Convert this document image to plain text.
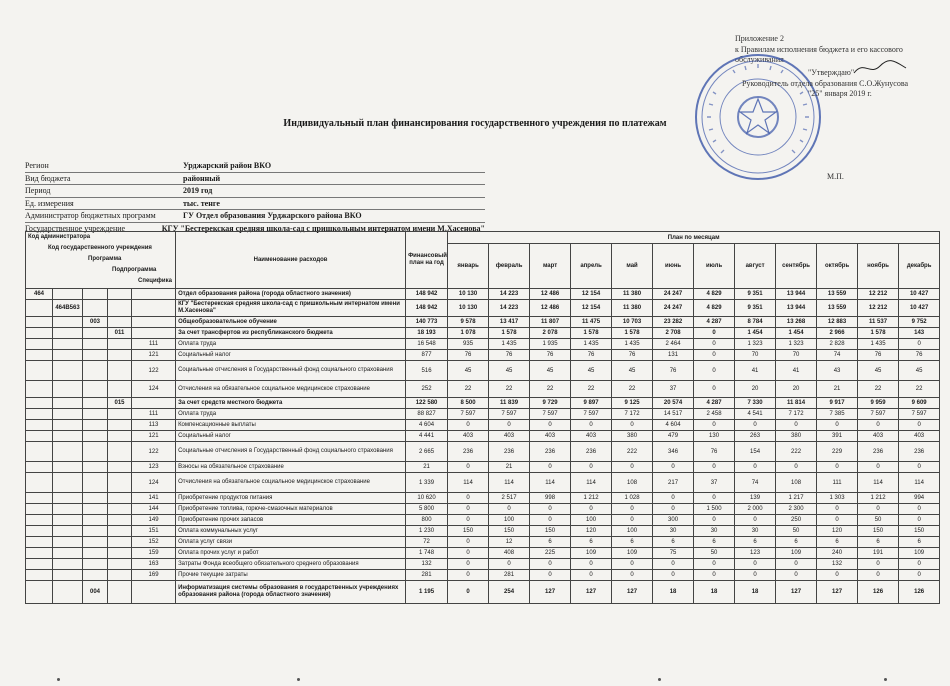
Приложение 2
к Правилам исполнения бюджета и его кассового
обслуживания
"Утверждаю"
Руководитель отдела образования С.О.Жунусова
"25" января 2019 г.
М.П.
Индивидуальный план финансирования государственного учреждения по платежам
Регион	Урджарский район ВКО
Вид бюджета	районный
Период	2019 год
Ед. измерения	тыс. тенге
Администратор бюджетных программ	ГУ Отдел образования Урджарского района ВКО
Государственное учреждение	КГУ "Бестерекская средняя школа-сад с пришкольным интернатом имени М.Хасенова"
Код администратора
Код государственного учреждения
Программа
Подпрограмма
Специфика					Наименование расходов	Финансовый план на год	План по месяцам											
							январь	февраль	март	апрель	май	июнь	июль	август	сентябрь	октябрь	ноябрь	декабрь
464					Отдел образования района (города областного значения)	148 942	10 130	14 223	12 486	12 154	11 380	24 247	4 829	9 351	13 944	13 559	12 212	10 427
	464B563				КГУ "Бестерекская средняя школа-сад с пришкольным интернатом имени М.Хасенова"	148 942	10 130	14 223	12 486	12 154	11 380	24 247	4 829	9 351	13 944	13 559	12 212	10 427
		003			Общеобразовательное обучение	140 773	9 578	13 417	11 807	11 475	10 703	23 282	4 287	8 784	13 268	12 883	11 537	9 752
			011		За счет трансфертов из республиканского бюджета	18 193	1 078	1 578	2 078	1 578	1 578	2 708	0	1 454	1 454	2 966	1 578	143
				111	Оплата труда	16 548	935	1 435	1 935	1 435	1 435	2 464	0	1 323	1 323	2 828	1 435	0
				121	Социальный налог	877	76	76	76	76	76	131	0	70	70	74	76	76
				122	Социальные отчисления в Государственный фонд социального страхования	516	45	45	45	45	45	76	0	41	41	43	45	45
				124	Отчисления на обязательное социальное медицинское страхование	252	22	22	22	22	22	37	0	20	20	21	22	22
			015		За счет средств местного бюджета	122 580	8 500	11 839	9 729	9 897	9 125	20 574	4 287	7 330	11 814	9 917	9 959	9 609
				111	Оплата труда	88 827	7 597	7 597	7 597	7 597	7 172	14 517	2 458	4 541	7 172	7 385	7 597	7 597
				113	Компенсационные выплаты	4 604	0	0	0	0	0	4 604	0	0	0	0	0	0
				121	Социальный налог	4 441	403	403	403	403	380	479	130	263	380	391	403	403
				122	Социальные отчисления в Государственный фонд социального страхования	2 665	236	236	236	236	222	346	76	154	222	229	236	236
				123	Взносы на обязательное страхование	21	0	21	0	0	0	0	0	0	0	0	0	0
				124	Отчисления на обязательное социальное медицинское страхование	1 339	114	114	114	114	108	217	37	74	108	111	114	114
				141	Приобретение продуктов питания	10 620	0	2 517	998	1 212	1 028	0	0	139	1 217	1 303	1 212	994
				144	Приобретение топлива, горюче-смазочных материалов	5 800	0	0	0	0	0	0	1 500	2 000	2 300	0	0	0
				149	Приобретение прочих запасов	800	0	100	0	100	0	300	0	0	250	0	50	0
				151	Оплата коммунальных услуг	1 230	150	150	150	120	100	30	30	30	50	120	150	150
				152	Оплата услуг связи	72	0	12	6	6	6	6	6	6	6	6	6	6
				159	Оплата прочих услуг и работ	1 748	0	408	225	109	109	75	50	123	109	240	191	109
				163	Затраты Фонда всеобщего обязательного среднего образования	132	0	0	0	0	0	0	0	0	0	132	0	0
				169	Прочие текущие затраты	281	0	281	0	0	0	0	0	0	0	0	0	0
		004			Информатизация системы образования в государственных учреждениях образования района (города областного значения)	1 195	0	254	127	127	127	18	18	18	127	127	126	126
